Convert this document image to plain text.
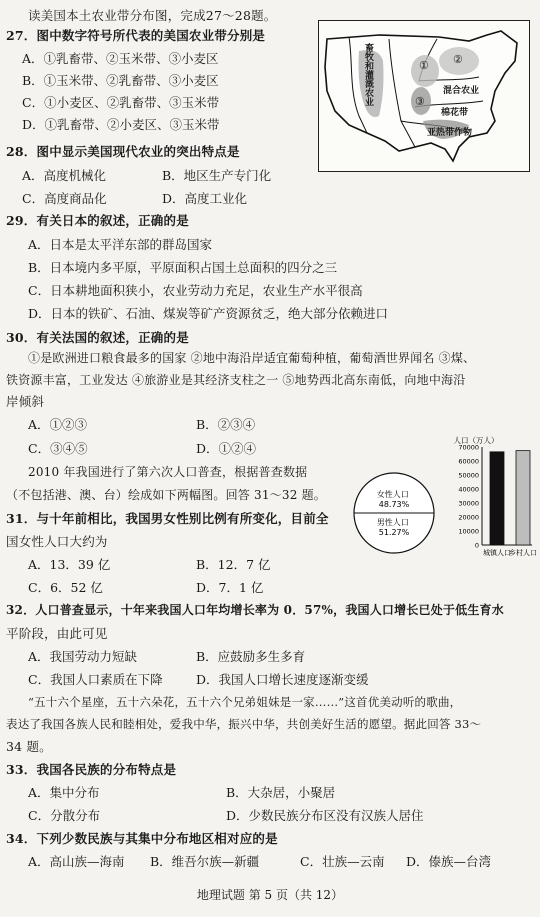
读美国本土农业带分布图，完成27～28题。
27．图中数字符号所代表的美国农业带分别是
A．①乳畜带、②玉米带、③小麦区
B．①玉米带、②乳畜带、③小麦区
C．①小麦区、②乳畜带、③玉米带
D．①乳畜带、②小麦区、③玉米带
畜牧和灌溉农业	① ②
③
混合农业
棉花带
亚热带作物
28．图中显示美国现代农业的突出特点是
A．高度机械化	B．地区生产专门化
C．高度商品化	D．高度工业化
29．有关日本的叙述，正确的是
A．日本是太平洋东部的群岛国家
B．日本境内多平原，平原面积占国土总面积的四分之三
C．日本耕地面积狭小，农业劳动力充足，农业生产水平很高
D．日本的铁矿、石油、煤炭等矿产资源贫乏，绝大部分依赖进口
30．有关法国的叙述，正确的是
①是欧洲进口粮食最多的国家 ②地中海沿岸适宜葡萄种植，葡萄酒世界闻名 ③煤、
铁资源丰富，工业发达 ④旅游业是其经济支柱之一 ⑤地势西北高东南低，向地中海沿
岸倾斜
A．①②③	B．②③④
C．③④⑤	D．①②④
2010 年我国进行了第六次人口普查，根据普查数据
（不包括港、澳、台）绘成如下两幅图。回答 31～32 题。	女性人口 48.73%
男性人口 51.27%
人口（万人）
70000
60000
50000
40000
30000
20000
10000
0
城镇人口
乡村人口
31．与十年前相比，我国男女性别比例有所变化，目前全
国女性人口大约为
A．13．39 亿	B．12．7 亿
C．6．52 亿	D．7．1 亿
32．人口普查显示，十年来我国人口年均增长率为 0．57%，我国人口增长已处于低生育水
平阶段，由此可见
A．我国劳动力短缺	B．应鼓励多生多育
C．我国人口素质在下降	D．我国人口增长速度逐渐变缓
“五十六个星座，五十六朵花，五十六个兄弟姐妹是一家……”这首优美动听的歌曲，
表达了我国各族人民和睦相处，爱我中华，振兴中华，共创美好生活的愿望。据此回答 33～
34 题。
33．我国各民族的分布特点是
A．集中分布	B．大杂居，小聚居
C．分散分布	D．少数民族分布区没有汉族人居住
34．下列少数民族与其集中分布地区相对应的是
A．高山族—海南 B．维吾尔族—新疆	C．壮族—云南 D．傣族—台湾
地理试题 第 5 页（共 12）
